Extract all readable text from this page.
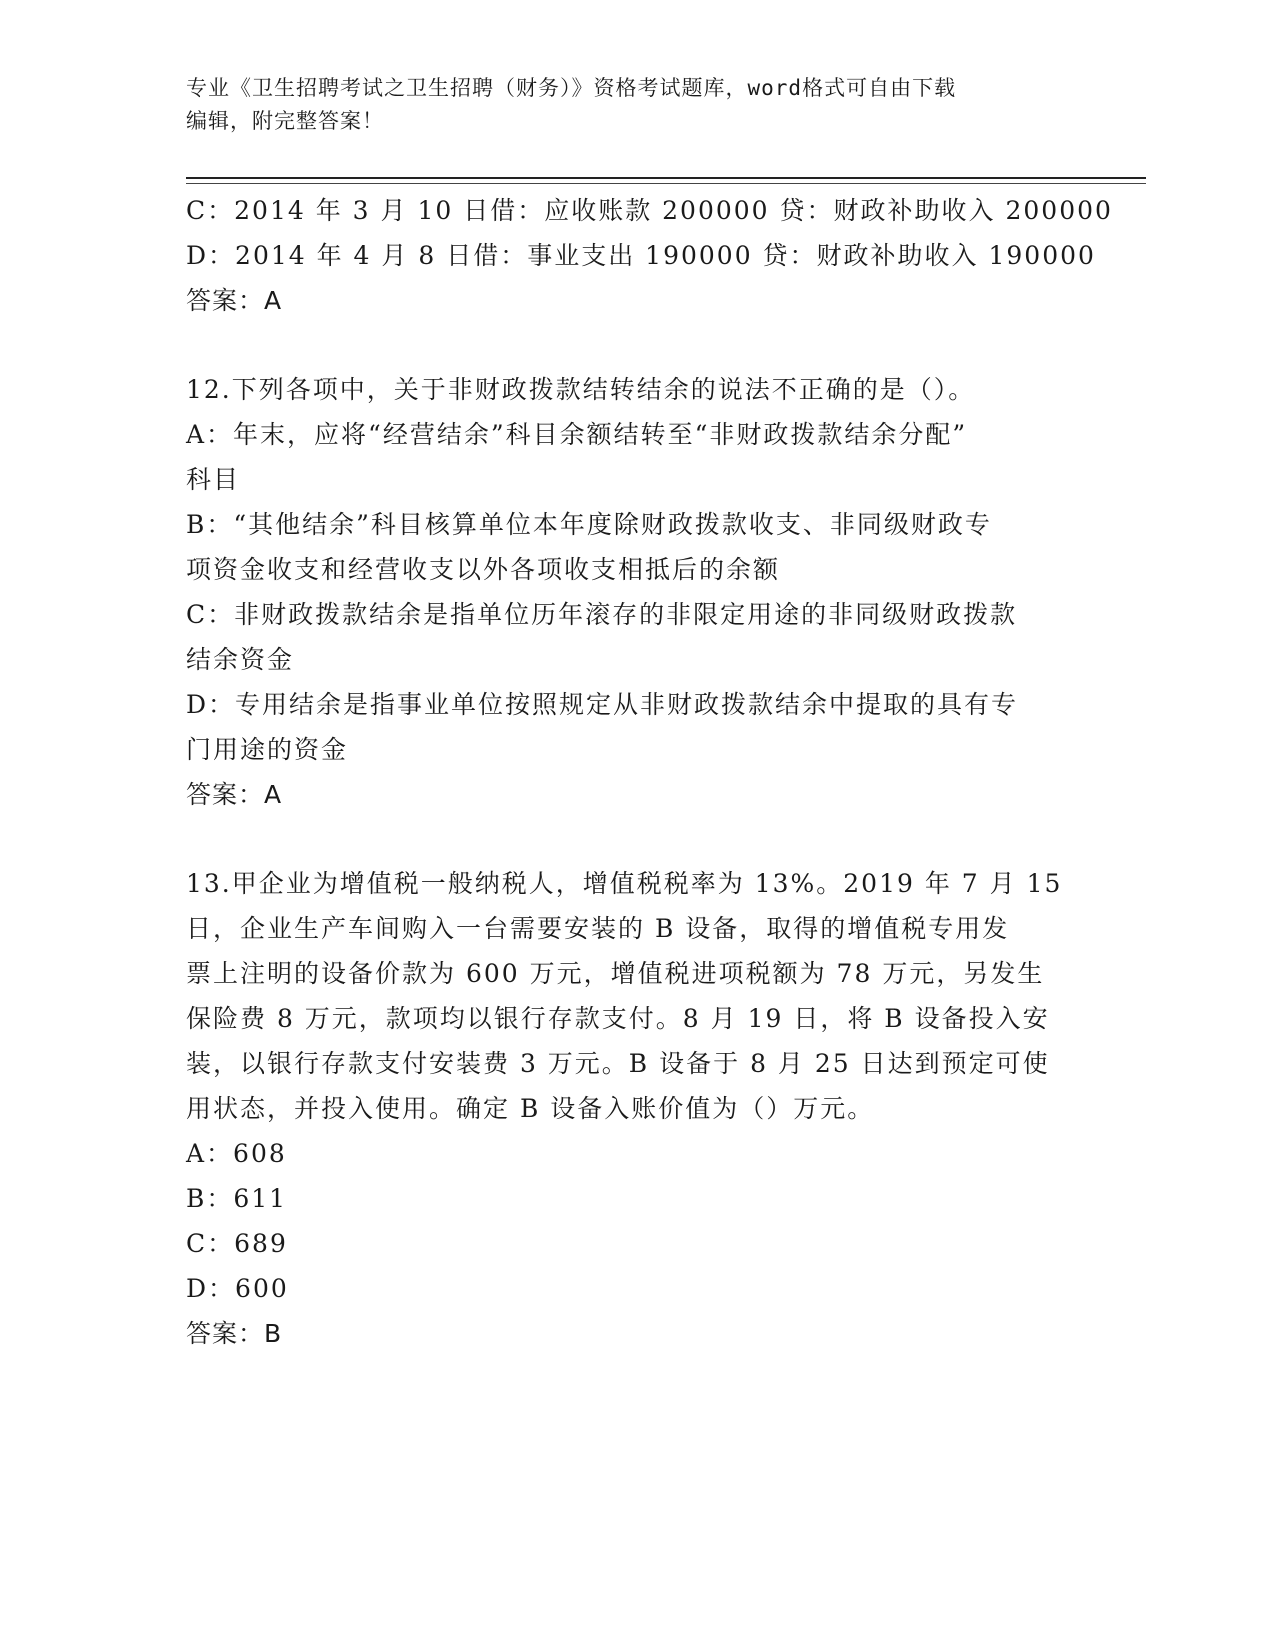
专业《卫生招聘考试之卫生招聘（财务）》资格考试题库，word格式可自由下载
编辑，附完整答案！
C：2014 年 3 月 10 日借：应收账款 200000 贷：财政补助收入 200000
D：2014 年 4 月 8 日借：事业支出 190000 贷：财政补助收入 190000
答案：A
12.下列各项中，关于非财政拨款结转结余的说法不正确的是（）。
A：年末，应将“经营结余”科目余额结转至“非财政拨款结余分配”
科目
B：“其他结余”科目核算单位本年度除财政拨款收支、非同级财政专
项资金收支和经营收支以外各项收支相抵后的余额
C：非财政拨款结余是指单位历年滚存的非限定用途的非同级财政拨款
结余资金
D：专用结余是指事业单位按照规定从非财政拨款结余中提取的具有专
门用途的资金
答案：A
13.甲企业为增值税一般纳税人，增值税税率为 13%。2019 年 7 月 15
日，企业生产车间购入一台需要安装的 B 设备，取得的增值税专用发
票上注明的设备价款为 600 万元，增值税进项税额为 78 万元，另发生
保险费 8 万元，款项均以银行存款支付。8 月 19 日，将 B 设备投入安
装，以银行存款支付安装费 3 万元。B 设备于 8 月 25 日达到预定可使
用状态，并投入使用。确定 B 设备入账价值为（）万元。
A：608
B：611
C：689
D：600
答案：B
